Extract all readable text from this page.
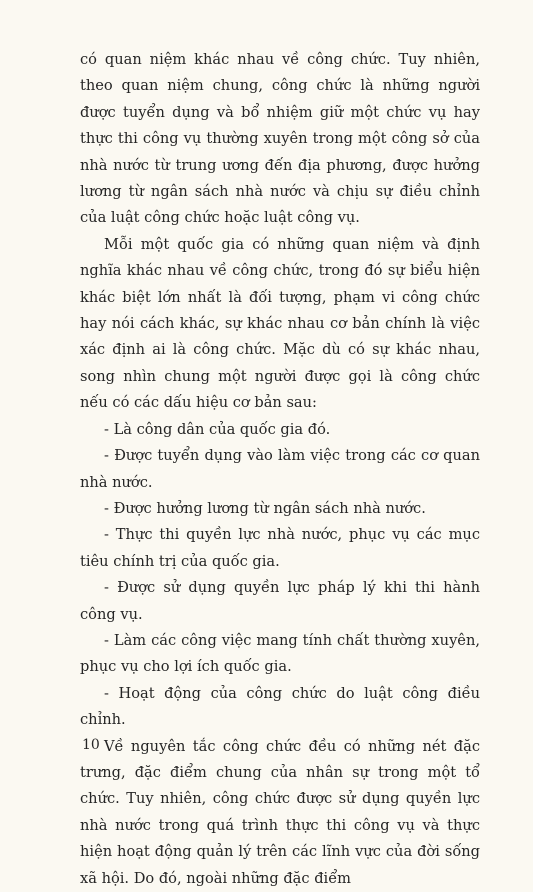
có quan niệm khác nhau về công chức. Tuy nhiên, theo quan niệm chung, công chức là những người được tuyển dụng và bổ nhiệm giữ một chức vụ hay thực thi công vụ thường xuyên trong một công sở của nhà nước từ trung ương đến địa phương, được hưởng lương từ ngân sách nhà nước và chịu sự điều chỉnh của luật công chức hoặc luật công vụ.

Mỗi một quốc gia có những quan niệm và định nghĩa khác nhau về công chức, trong đó sự biểu hiện khác biệt lớn nhất là đối tượng, phạm vi công chức hay nói cách khác, sự khác nhau cơ bản chính là việc xác định ai là công chức. Mặc dù có sự khác nhau, song nhìn chung một người được gọi là công chức nếu có các dấu hiệu cơ bản sau:

- Là công dân của quốc gia đó.

- Được tuyển dụng vào làm việc trong các cơ quan nhà nước.

- Được hưởng lương từ ngân sách nhà nước.

- Thực thi quyền lực nhà nước, phục vụ các mục tiêu chính trị của quốc gia.

- Được sử dụng quyền lực pháp lý khi thi hành công vụ.

- Làm các công việc mang tính chất thường xuyên, phục vụ cho lợi ích quốc gia.

- Hoạt động của công chức do luật công điều chỉnh.

Về nguyên tắc công chức đều có những nét đặc trưng, đặc điểm chung của nhân sự trong một tổ chức. Tuy nhiên, công chức được sử dụng quyền lực nhà nước trong quá trình thực thi công vụ và thực hiện hoạt động quản lý trên các lĩnh vực của đời sống xã hội. Do đó, ngoài những đặc điểm

10
